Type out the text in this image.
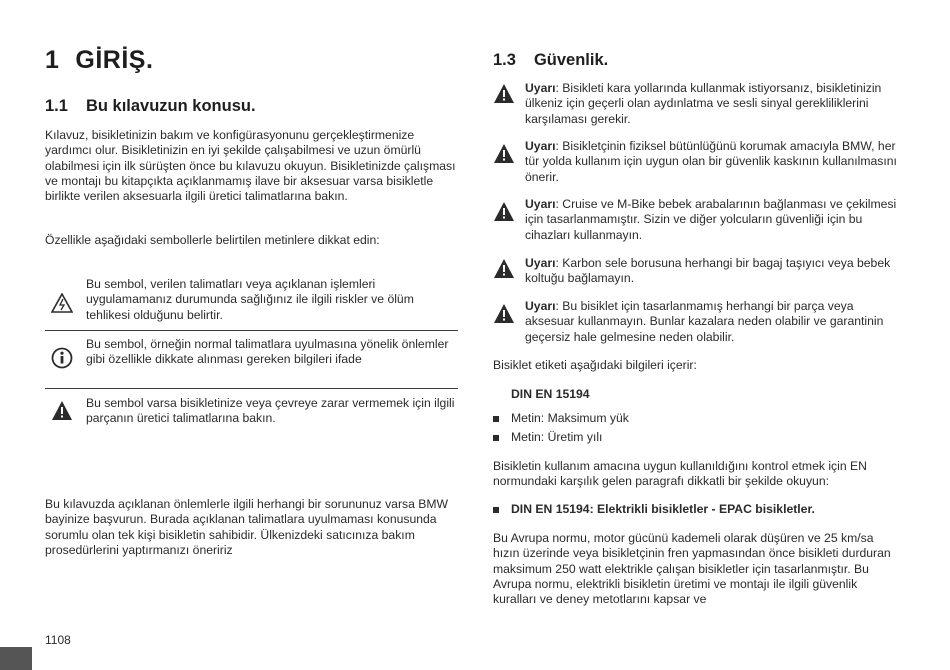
1 GİRİŞ.
1.1 Bu kılavuzun konusu.

Kılavuz, bisikletinizin bakım ve konfigürasyonunu gerçekleştirmenize yardımcı olur. Bisikletinizin en iyi şekilde çalışabilmesi ve uzun ömürlü olabilmesi için ilk sürüşten önce bu kılavuzu okuyun. Bisikletinizde çalışması ve montajı bu kitapçıkta açıklanmamış ilave bir aksesuar varsa bisikletle birlikte verilen aksesuarla ilgili üretici talimatlarına bakın.

Özellikle aşağıdaki sembollerle belirtilen metinlere dikkat edin:

Bu sembol, verilen talimatları veya açıklanan işlemleri uygulamamanız durumunda sağlığınız ile ilgili riskler ve ölüm tehlikesi olduğunu belirtir.

Bu sembol, örneğin normal talimatlara uyulmasına yönelik önlemler gibi özellikle dikkate alınması gereken bilgileri ifade

Bu sembol varsa bisikletinize veya çevreye zarar vermemek için ilgili parçanın üretici talimatlarına bakın.

Bu kılavuzda açıklanan önlemlerle ilgili herhangi bir sorununuz varsa BMW bayinize başvurun. Burada açıklanan talimatlara uyulmaması konusunda sorumlu olan tek kişi bisikletin sahibidir. Ülkenizdeki satıcınıza bakım prosedürlerini yaptırmanızı öneririz

1108
1.3 Güvenlik.

Uyarı: Bisikleti kara yollarında kullanmak istiyorsanız, bisikletinizin ülkeniz için geçerli olan aydınlatma ve sesli sinyal gerekliliklerini karşılaması gerekir.

Uyarı: Bisikletçinin fiziksel bütünlüğünü korumak amacıyla BMW, her tür yolda kullanım için uygun olan bir güvenlik kaskının kullanılmasını önerir.

Uyarı: Cruise ve M-Bike bebek arabalarının bağlanması ve çekilmesi için tasarlanmamıştır. Sizin ve diğer yolcuların güvenliği için bu cihazları kullanmayın.

Uyarı: Karbon sele borusuna herhangi bir bagaj taşıyıcı veya bebek koltuğu bağlamayın.

Uyarı: Bu bisiklet için tasarlanmamış herhangi bir parça veya aksesuar kullanmayın. Bunlar kazalara neden olabilir ve garantinin geçersiz hale gelmesine neden olabilir.

Bisiklet etiketi aşağıdaki bilgileri içerir:

DIN EN 15194

Metin: Maksimum yük
Metin: Üretim yılı

Bisikletin kullanım amacına uygun kullanıldığını kontrol etmek için EN normundaki karşılık gelen paragrafı dikkatli bir şekilde okuyun:

DIN EN 15194: Elektrikli bisikletler - EPAC bisikletler.

Bu Avrupa normu, motor gücünü kademeli olarak düşüren ve 25 km/sa hızın üzerinde veya bisikletçinin fren yapmasından önce bisikleti durduran maksimum 250 watt elektrikle çalışan bisikletler için tasarlanmıştır. Bu Avrupa normu, elektrikli bisikletin üretimi ve montajı ile ilgili güvenlik kuralları ve deney metotlarını kapsar ve
